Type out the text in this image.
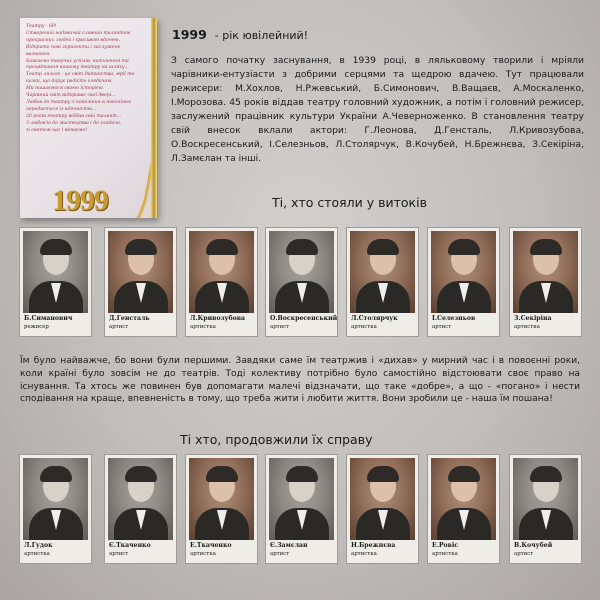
Театру - 60!
Створений надзвичай славний талантом
прекрасних людей і красивою вдачею.
Відкрито нові горизонти і заслужене визнання.
Бажаємо творчих успіхів, натхнення та
процвітання нашому театру на шляху...
Театр ляльок - це світ дитинства, мрії та
казки, що дарує радість глядачам.
Ми пишаємося своєю історією.
Чарівний світ відкриває свої двері...
Любов до театру з покоління в покоління
передається із вдячністю...
20 років театру віддав свій талант...
З любов'ю до мистецтва і до глядача,
зі святом нас і вітаємо!
1999
1999 - рік ювілейний!
З самого початку заснування, в 1939 році, в ляльковому творили і мріяли чарівники-ентузіасти з добрими серцями та щедрою вдачею. Тут працювали режисери: М.Хохлов, Н.Ржевський, Б.Симонович, В.Ващаєв, А.Москаленко, І.Морозова. 45 років віддав театру головний художник, а потім і головний режисер, заслужений працівник культури України А.Чеверноженко. В становлення театру свій внесок вклали актори: Г.Леонова, Д.Генсталь, Л.Кривозубова, О.Воскресенський, І.Селезньов, Л.Столярчук, В.Кочубей, Н.Брежнєва, З.Секіріна, Л.Замєлан та інші.
Ті, хто стояли у витоків
Б.Симанович
режисер
Д.Генсталь
артист
Л.Кривозубова
артистка
О.Воскресенський
артист
Л.Столярчук
артистка
І.Селезньов
артист
З.Секіріна
артистка
Їм було найважче, бо вони були першими. Завдяки саме їм театржив і «дихав» у мирний час і в повоєнні роки, коли країні було зовсім не до театрів. Тоді колективу потрібно було самостійно відстоювати своє право на існування. Та хтось же повинен був допомагати малечі відзначати, що таке «добре», а що - «погано» і нести сподівання на краще, впевненість в тому, що треба жити і любити життя. Вони зробили це - наша їм пошана!
Ті хто, продовжили їх справу
Л.Гудок
артистка
Є.Ткаченко
артист
Е.Ткаченко
артистка
Є.Замєлан
артист
Н.Брежнєва
артистка
Е.Ровіс
артистка
В.Кочубей
артист
